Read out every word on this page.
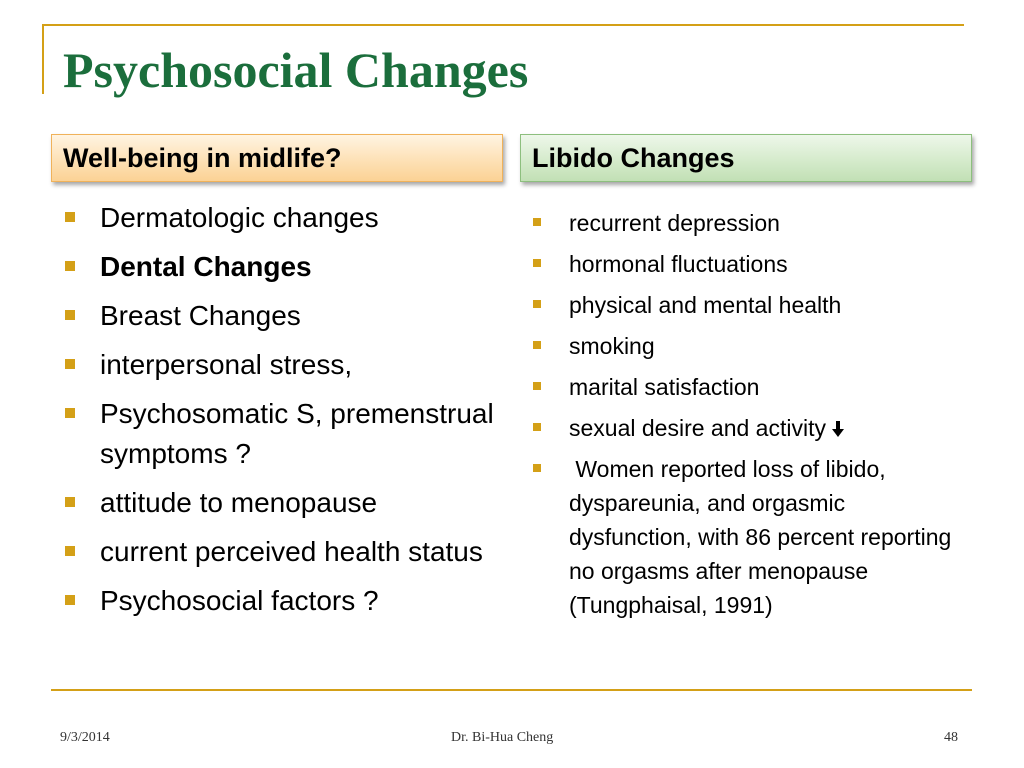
Psychosocial Changes
Well-being in midlife?	Libido Changes
Dermatologic changes
Dental Changes
Breast Changes
interpersonal stress,
Psychosomatic S, premenstrual symptoms ?
attitude to menopause
current perceived health status
Psychosocial factors ?
recurrent depression
hormonal fluctuations
physical and mental health
smoking
marital satisfaction
sexual desire and activity
Women reported loss of libido, dyspareunia, and orgasmic dysfunction, with 86 percent reporting no orgasms after menopause (Tungphaisal, 1991)
9/3/2014	Dr. Bi-Hua Cheng	48
